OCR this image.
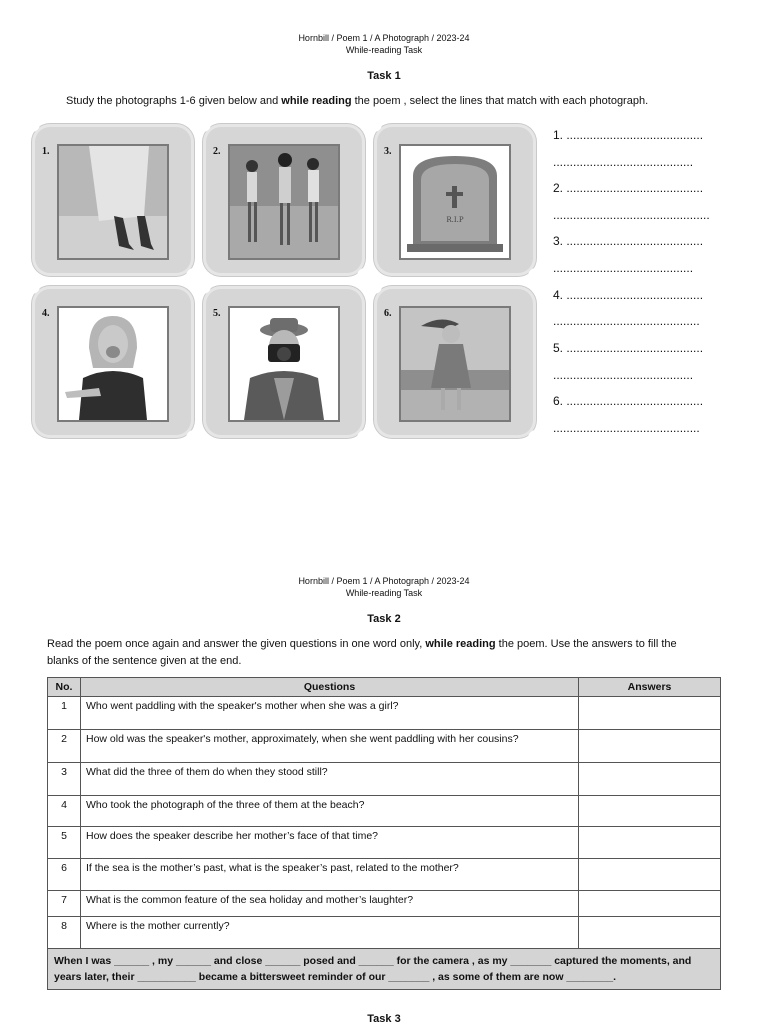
Hornbill / Poem 1 / A Photograph / 2023-24
While-reading Task
Task 1
Study the photographs 1-6 given below and while reading the poem , select the lines that match with each photograph.
1.	2.	3.
R.I.P
4.	5.	6.
1. .........................................
..........................................
2. .........................................
...............................................
3. .........................................
..........................................
4. .........................................
............................................
5. .........................................
..........................................
6. .........................................
............................................
Hornbill / Poem 1 / A Photograph / 2023-24
While-reading Task
Task 2
Read the poem once again and answer the given questions in one word only, while reading the poem. Use the answers to fill the blanks of the sentence given at the end.
No.	Questions	Answers
1	Who went paddling with the speaker's mother when she was a girl?	
2	How old was the speaker's mother, approximately, when she went paddling with her cousins?	
3	What did the three of them do when they stood still?	
4	Who took the photograph of the three of them at the beach?	
5	How does the speaker describe her mother’s face of that time?	
6	If the sea is the mother’s past, what is the speaker’s past, related to the mother?	
7	What is the common feature of the sea holiday and mother’s laughter?	
8	Where is the mother currently?	
When I was ______ , my ______ and close ______ posed and ______ for the camera , as my _______ captured the moments, and years later, their __________ became a bittersweet reminder of our _______ , as some of them are now ________.		
Task 3
